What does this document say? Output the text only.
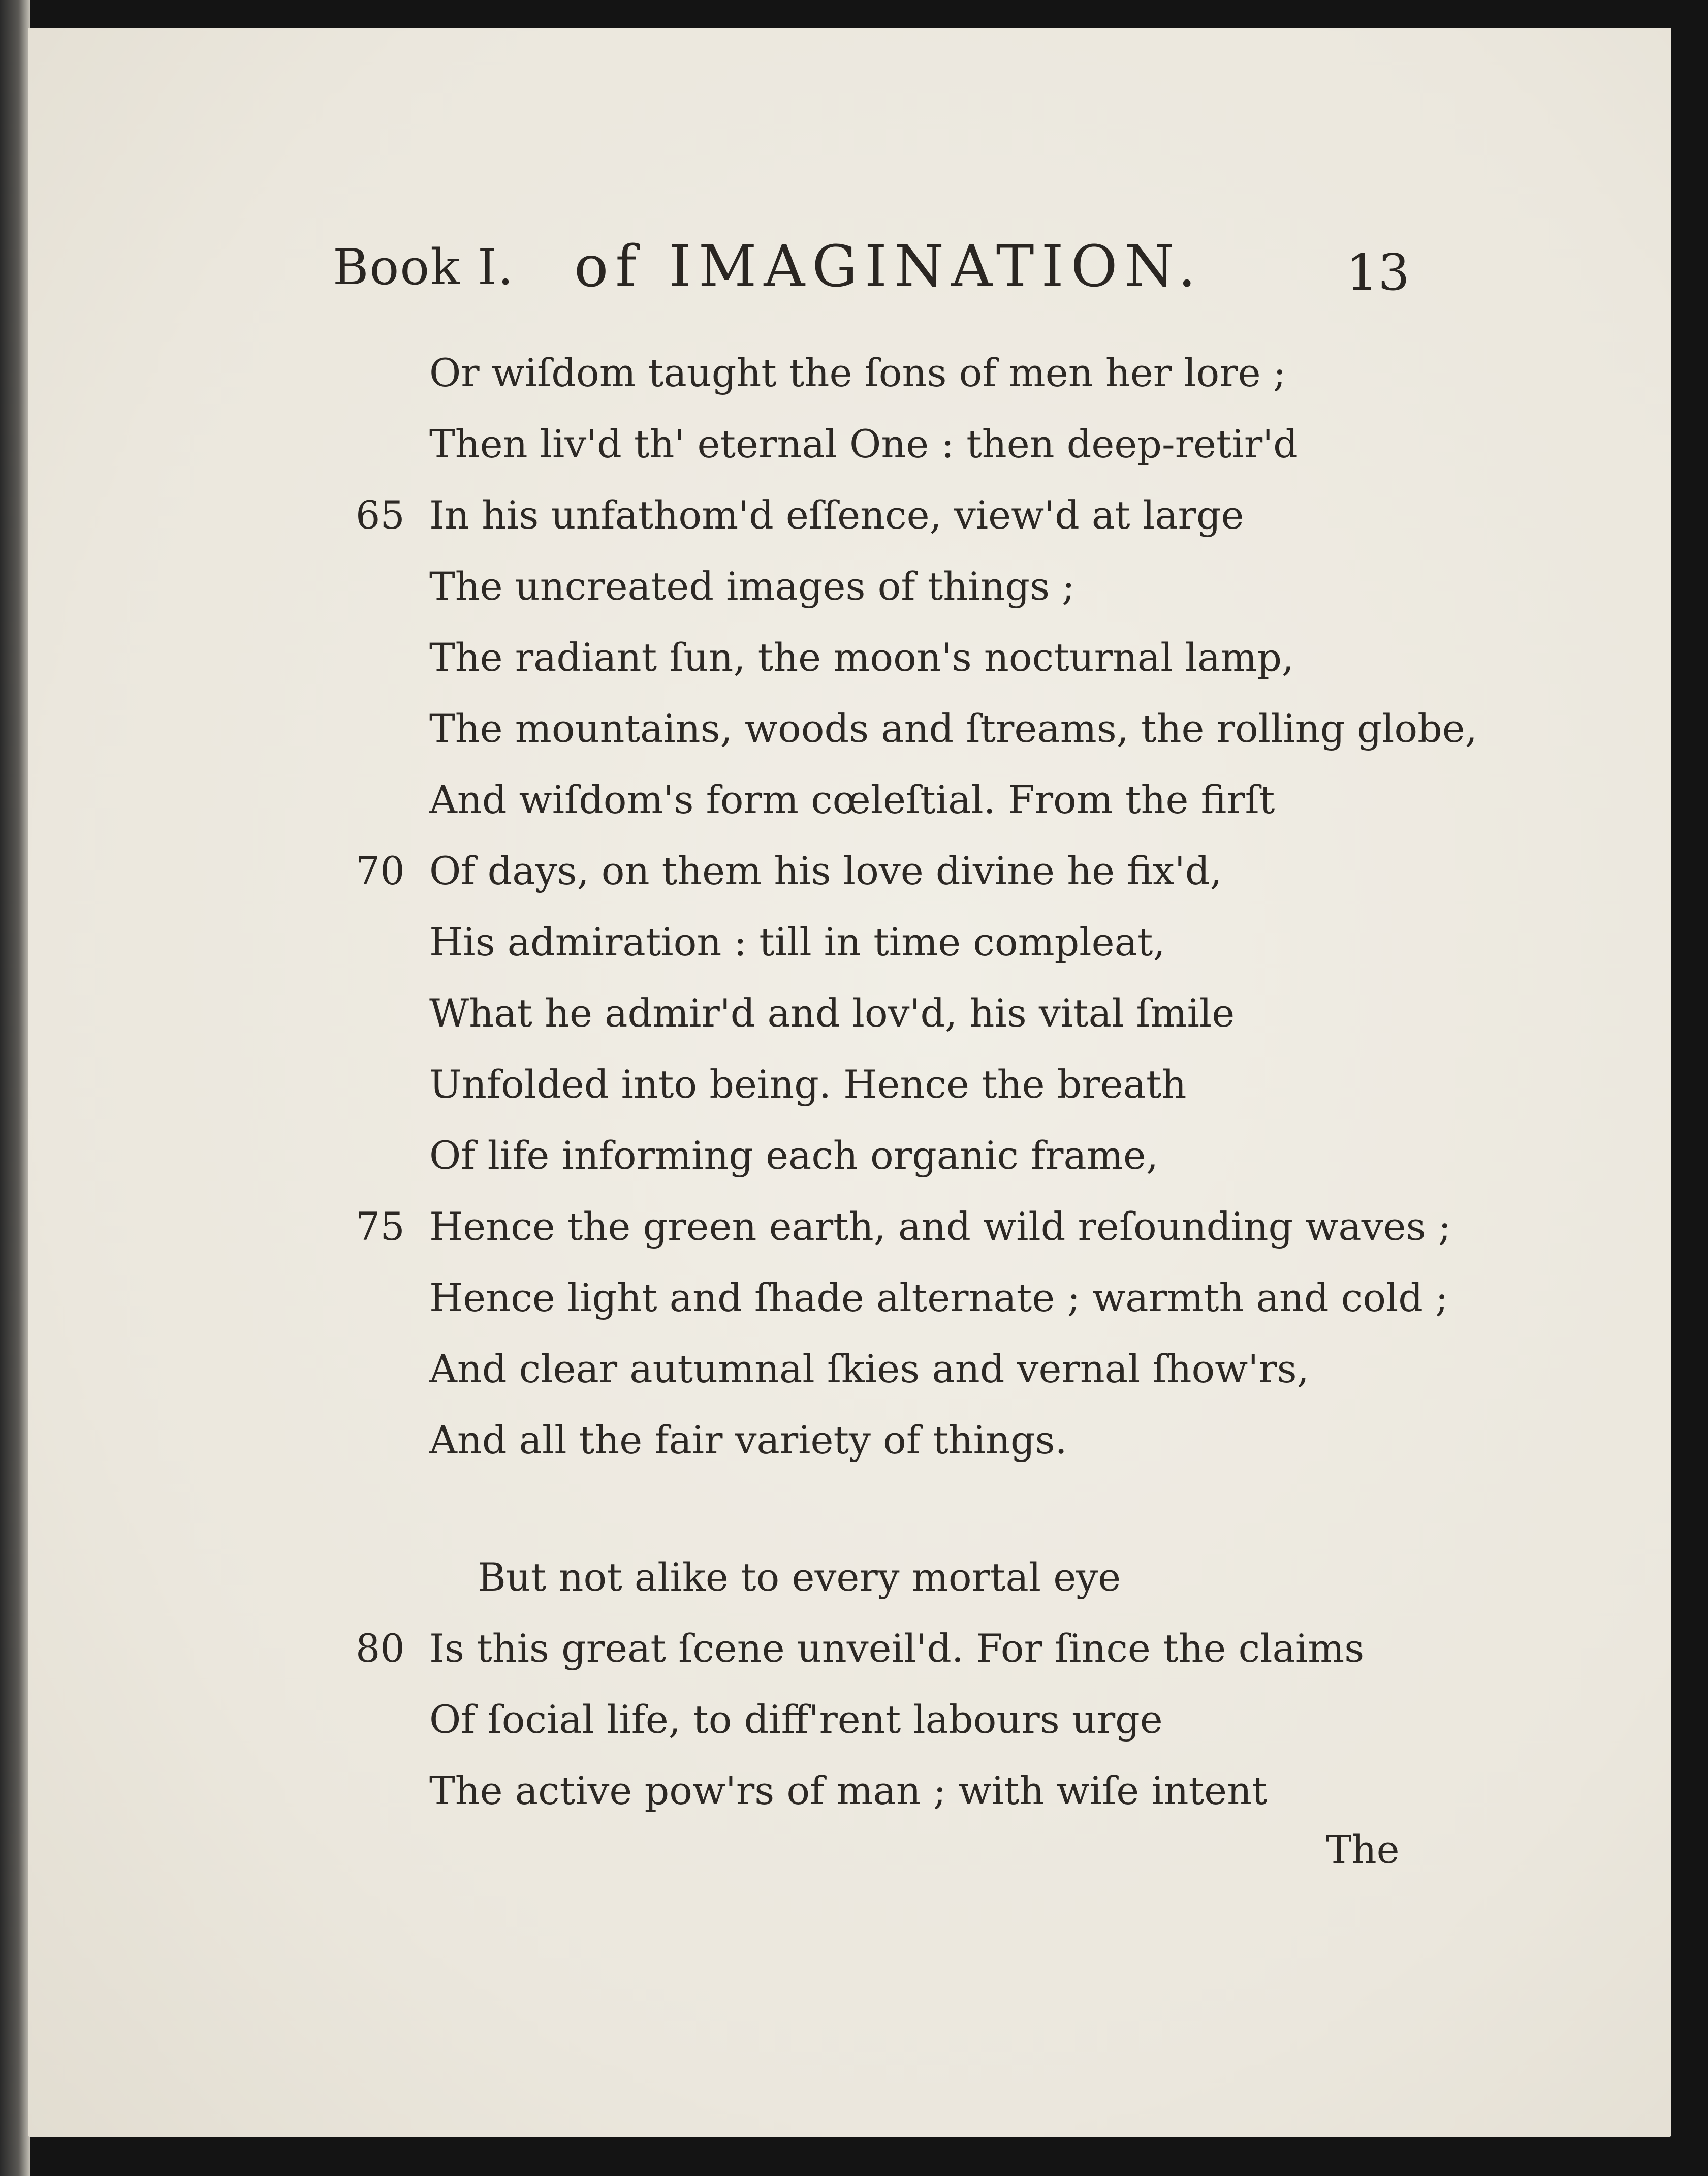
Book I. of IMAGINATION.	13
Or wiſdom taught the ſons of men her lore ;
Then liv'd th' eternal One : then deep-retir'd
65 In his unfathom'd eſſence, view'd at large
The uncreated images of things ;
The radiant ſun, the moon's nocturnal lamp,
The mountains, woods and ſtreams, the rolling globe,
And wiſdom's form cœleſtial. From the firſt
70 Of days, on them his love divine he fix'd,
His admiration : till in time compleat,
What he admir'd and lov'd, his vital ſmile
Unfolded into being. Hence the breath
Of life informing each organic frame,
75 Hence the green earth, and wild reſounding waves ;
Hence light and ſhade alternate ; warmth and cold ;
And clear autumnal ſkies and vernal ſhow'rs,
And all the fair variety of things.
But not alike to every mortal eye
80 Is this great ſcene unveil'd. For ſince the claims
Of ſocial life, to diff'rent labours urge
The active pow'rs of man ; with wiſe intent
The
